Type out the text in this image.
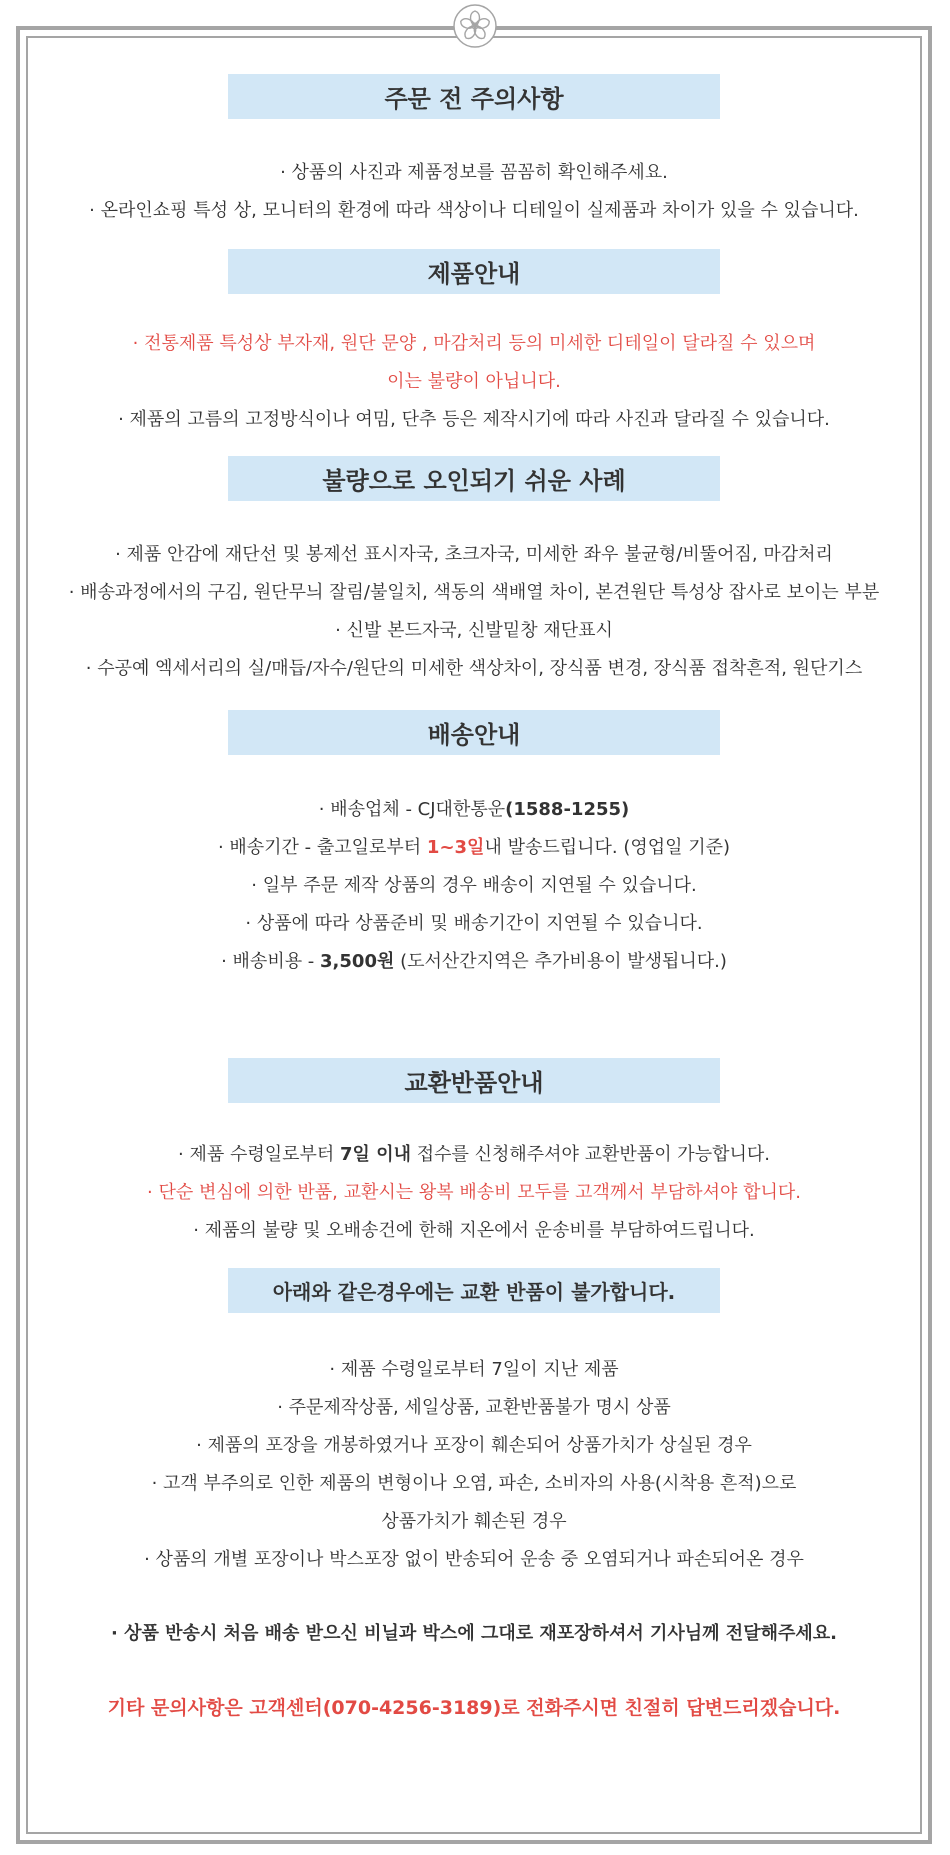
주문 전 주의사항
· 상품의 사진과 제품정보를 꼼꼼히 확인해주세요.
· 온라인쇼핑 특성 상, 모니터의 환경에 따라 색상이나 디테일이 실제품과 차이가 있을 수 있습니다.
제품안내
· 전통제품 특성상 부자재, 원단 문양 , 마감처리 등의 미세한 디테일이 달라질 수 있으며
이는 불량이 아닙니다.
· 제품의 고름의 고정방식이나 여밈, 단추 등은 제작시기에 따라 사진과 달라질 수 있습니다.
불량으로 오인되기 쉬운 사례
· 제품 안감에 재단선 및 봉제선 표시자국, 초크자국, 미세한 좌우 불균형/비뚤어짐, 마감처리
· 배송과정에서의 구김, 원단무늬 잘림/불일치, 색동의 색배열 차이, 본견원단 특성상 잡사로 보이는 부분
· 신발 본드자국, 신발밑창 재단표시
· 수공예 엑세서리의 실/매듭/자수/원단의 미세한 색상차이, 장식품 변경, 장식품 접착흔적, 원단기스
배송안내
· 배송업체 - CJ대한통운(1588-1255)
· 배송기간 - 출고일로부터 1~3일내 발송드립니다. (영업일 기준)
· 일부 주문 제작 상품의 경우 배송이 지연될 수 있습니다.
· 상품에 따라 상품준비 및 배송기간이 지연될 수 있습니다.
· 배송비용 - 3,500원 (도서산간지역은 추가비용이 발생됩니다.)
교환반품안내
· 제품 수령일로부터 7일 이내 접수를 신청해주셔야 교환반품이 가능합니다.
· 단순 변심에 의한 반품, 교환시는 왕복 배송비 모두를 고객께서 부담하셔야 합니다.
· 제품의 불량 및 오배송건에 한해 지온에서 운송비를 부담하여드립니다.
아래와 같은경우에는 교환 반품이 불가합니다.
· 제품 수령일로부터 7일이 지난 제품
· 주문제작상품, 세일상품, 교환반품불가 명시 상품
· 제품의 포장을 개봉하였거나 포장이 훼손되어 상품가치가 상실된 경우
· 고객 부주의로 인한 제품의 변형이나 오염, 파손, 소비자의 사용(시착용 흔적)으로
상품가치가 훼손된 경우
· 상품의 개별 포장이나 박스포장 없이 반송되어 운송 중 오염되거나 파손되어온 경우
· 상품 반송시 처음 배송 받으신 비닐과 박스에 그대로 재포장하셔서 기사님께 전달해주세요.
기타 문의사항은 고객센터(070-4256-3189)로 전화주시면 친절히 답변드리겠습니다.
